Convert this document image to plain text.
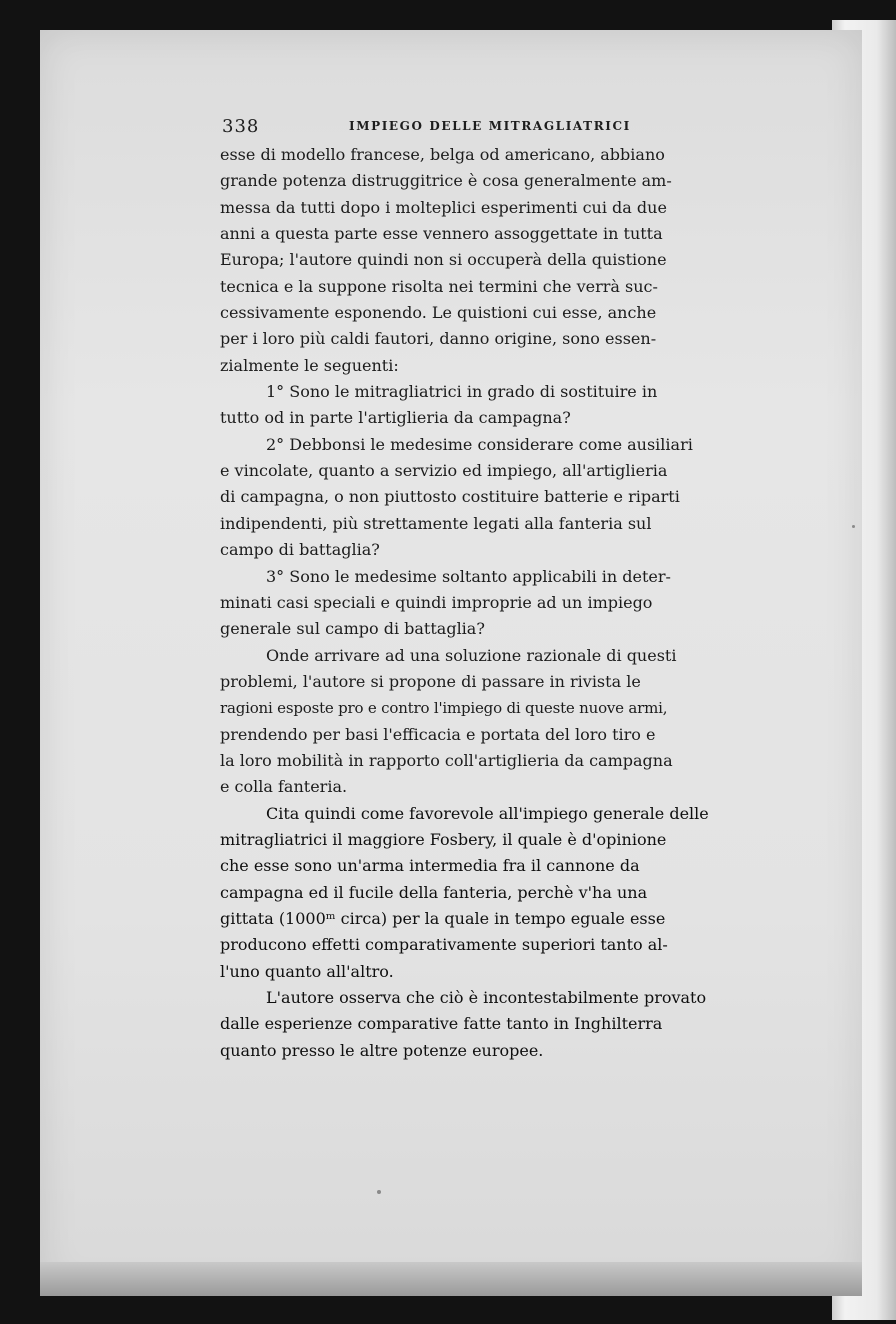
338	IMPIEGO DELLE MITRAGLIATRICI
esse di modello francese, belga od americano, abbiano
grande potenza distruggitrice è cosa generalmente am-
messa da tutti dopo i molteplici esperimenti cui da due
anni a questa parte esse vennero assoggettate in tutta
Europa; l'autore quindi non si occuperà della quistione
tecnica e la suppone risolta nei termini che verrà suc-
cessivamente esponendo. Le quistioni cui esse, anche
per i loro più caldi fautori, danno origine, sono essen-
zialmente le seguenti:
1° Sono le mitragliatrici in grado di sostituire in
tutto od in parte l'artiglieria da campagna?
2° Debbonsi le medesime considerare come ausiliari
e vincolate, quanto a servizio ed impiego, all'artiglieria
di campagna, o non piuttosto costituire batterie e riparti
indipendenti, più strettamente legati alla fanteria sul
campo di battaglia?
3° Sono le medesime soltanto applicabili in deter-
minati casi speciali e quindi improprie ad un impiego
generale sul campo di battaglia?
Onde arrivare ad una soluzione razionale di questi
problemi, l'autore si propone di passare in rivista le
ragioni esposte pro e contro l'impiego di queste nuove armi,
prendendo per basi l'efficacia e portata del loro tiro e
la loro mobilità in rapporto coll'artiglieria da campagna
e colla fanteria.
Cita quindi come favorevole all'impiego generale delle
mitragliatrici il maggiore Fosbery, il quale è d'opinione
che esse sono un'arma intermedia fra il cannone da
campagna ed il fucile della fanteria, perchè v'ha una
gittata (1000ᵐ circa) per la quale in tempo eguale esse
producono effetti comparativamente superiori tanto al-
l'uno quanto all'altro.
L'autore osserva che ciò è incontestabilmente provato
dalle esperienze comparative fatte tanto in Inghilterra
quanto presso le altre potenze europee.
